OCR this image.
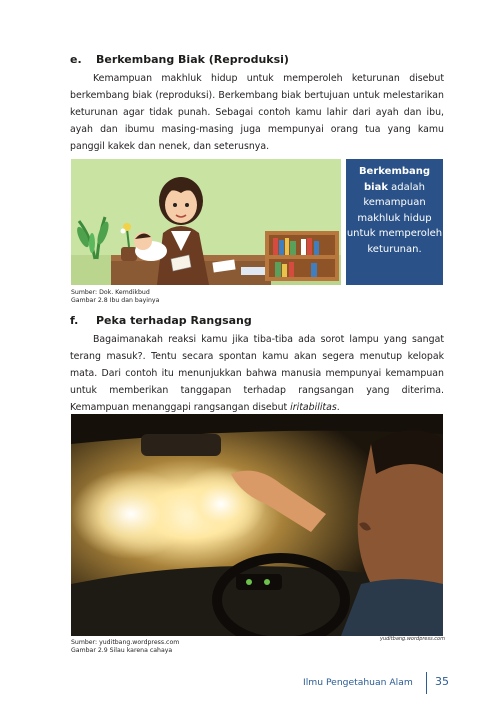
e. Berkembang Biak (Reproduksi)
Kemampuan makhluk hidup untuk memperoleh keturunan disebut berkembang biak (reproduksi). Berkembang biak bertujuan untuk melestarikan keturunan agar tidak punah. Sebagai contoh kamu lahir dari ayah dan ibu, ayah dan ibumu masing-masing juga mempunyai orang tua yang kamu panggil kakek dan nenek, dan seterusnya.
Berkembang biak adalah kemampuan makhluk hidup untuk memperoleh keturunan.
Sumber: Dok. Kemdikbud
Gambar 2.8 Ibu dan bayinya
f. Peka terhadap Rangsang
Bagaimanakah reaksi kamu jika tiba-tiba ada sorot lampu yang sangat terang masuk?. Tentu secara spontan kamu akan segera menutup kelopak mata. Dari contoh itu menunjukkan bahwa manusia mempunyai kemampuan untuk memberikan tanggapan terhadap rangsangan yang diterima. Kemampuan menanggapi rangsangan disebut iritabilitas.
yuditbang.wordpress.com
Sumber: yuditbang.wordpress.com
Gambar 2.9 Silau karena cahaya
Ilmu Pengetahuan Alam 35
